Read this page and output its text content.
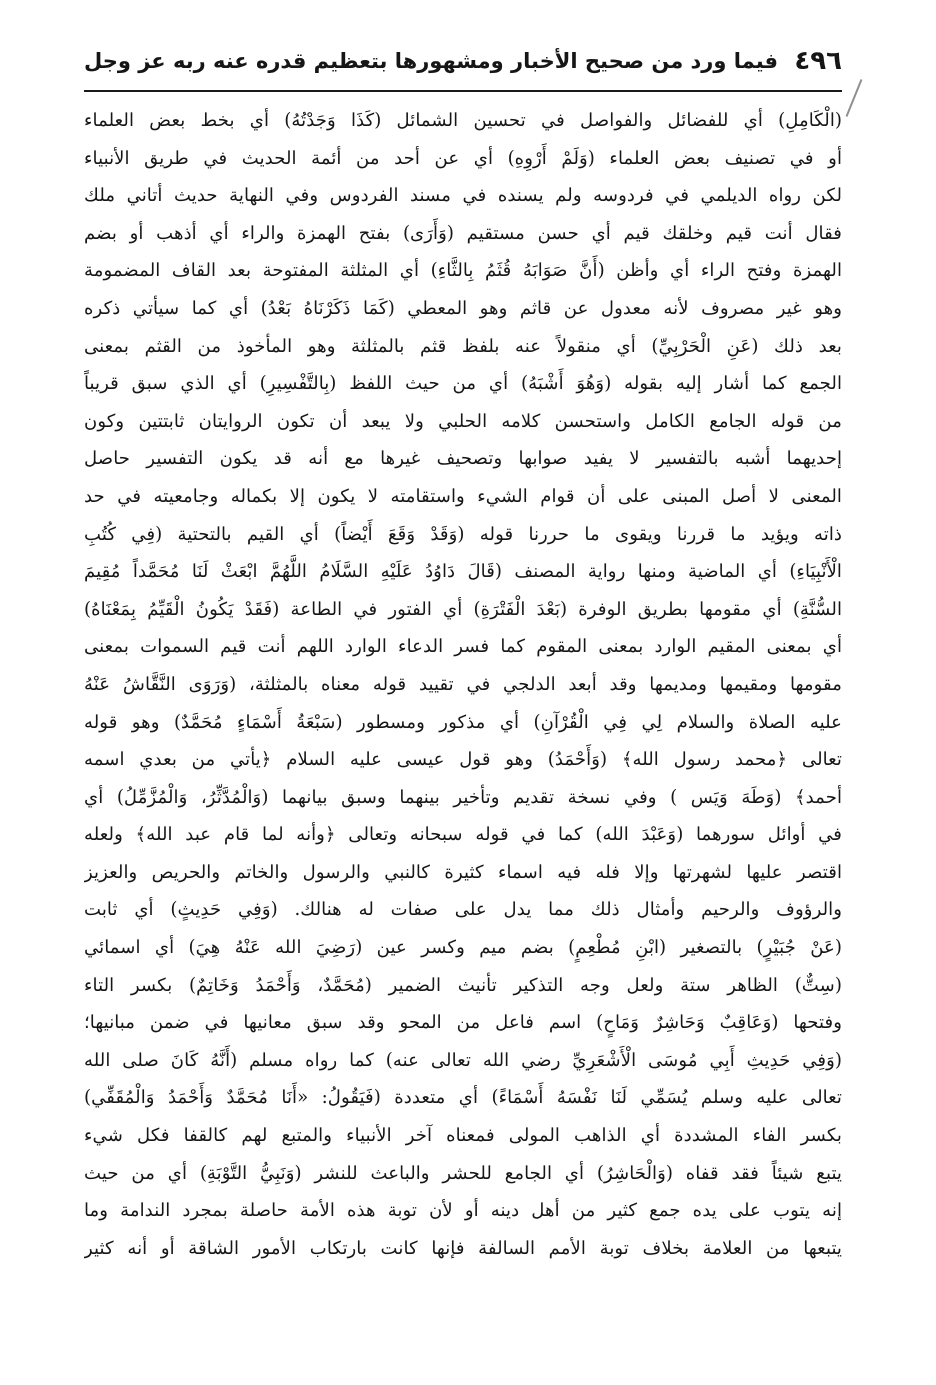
٤٩٦
فيما ورد من صحيح الأخبار ومشهورها بتعظيم قدره عنه ربه عز وجل
(الْكَامِلِ) أي للفضائل والفواصل في تحسين الشمائل (كَذَا وَجَدْتُهُ) أي بخط بعض العلماء
أو في تصنيف بعض العلماء (وَلَمْ أَرْوِهِ) أي عن أحد من أئمة الحديث في طريق الأنبياء
لكن رواه الديلمي في فردوسه ولم يسنده في مسند الفردوس وفي النهاية حديث أتاني ملك
فقال أنت قيم وخلقك قيم أي حسن مستقيم (وَأَرَى) بفتح الهمزة والراء أي أذهب أو بضم
الهمزة وفتح الراء أي وأظن (أَنَّ صَوَابَهُ قُثَمُ بِالثَّاءِ) أي المثلثة المفتوحة بعد القاف المضمومة
وهو غير مصروف لأنه معدول عن قاثم وهو المعطي (كَمَا ذَكَرْنَاهُ بَعْدُ) أي كما سيأتي ذكره
بعد ذلك (عَنِ الْحَرْبِيِّ) أي منقولاً عنه بلفظ قثم بالمثلثة وهو المأخوذ من القثم بمعنى
الجمع كما أشار إليه بقوله (وَهُوَ أَشْبَهُ) أي من حيث اللفظ (بِالتَّفْسِيرِ) أي الذي سبق قريباً
من قوله الجامع الكامل واستحسن كلامه الحلبي ولا يبعد أن تكون الروايتان ثابتتين وكون
إحديهما أشبه بالتفسير لا يفيد صوابها وتصحيف غيرها مع أنه قد يكون التفسير حاصل
المعنى لا أصل المبنى على أن قوام الشيء واستقامته لا يكون إلا بكماله وجامعيته في حد
ذاته ويؤيد ما قررنا ويقوى ما حررنا قوله (وَقَدْ وَقَعَ أَيْضاً) أي القيم بالتحتية (فِي كُتُبِ
الْأَنْبِيَاءِ) أي الماضية ومنها رواية المصنف (قَالَ دَاوُدُ عَلَيْهِ السَّلَامُ اللَّهُمَّ ابْعَثْ لَنَا مُحَمَّداً مُقِيمَ
السُّنَّةِ) أي مقومها بطريق الوفرة (بَعْدَ الْفَتْرَةِ) أي الفتور في الطاعة (فَقَدْ يَكُونُ الْقَيِّمُ بِمَعْنَاهُ)
أي بمعنى المقيم الوارد بمعنى المقوم كما فسر الدعاء الوارد اللهم أنت قيم السموات بمعنى
مقومها ومقيمها ومديمها وقد أبعد الدلجي في تقييد قوله معناه بالمثلثة، (وَرَوَى النَّقَّاشُ عَنْهُ
عليه الصلاة والسلام لِي فِي الْقُرْآنِ) أي مذكور ومسطور (سَبْعَةُ أَسْمَاءٍ مُحَمَّدٌ) وهو قوله
تعالى ﴿محمد رسول الله﴾ (وَأَحْمَدُ) وهو قول عيسى عليه السلام ﴿يأتي من بعدي اسمه
أحمد﴾ (وَطَهَ وَيَس ) وفي نسخة تقديم وتأخير بينهما وسبق بيانهما (وَالْمُدَّثِّرُ، وَالْمُزَّمِّلُ) أي
في أوائل سورهما (وَعَبْدَ الله) كما في قوله سبحانه وتعالى ﴿وأنه لما قام عبد الله﴾ ولعله
اقتصر عليها لشهرتها وإلا فله فيه اسماء كثيرة كالنبي والرسول والخاتم والحريص والعزيز
والرؤوف والرحيم وأمثال ذلك مما يدل على صفات له هنالك. (وَفِي حَدِيثٍ) أي ثابت
(عَنْ جُبَيْرٍ) بالتصغير (ابْنِ مُطْعِمٍ) بضم ميم وكسر عين (رَضِيَ الله عَنْهُ هِيَ) أي اسمائي
(سِتٌّ) الظاهر ستة ولعل وجه التذكير تأنيث الضمير (مُحَمَّدٌ، وَأَحْمَدُ وَخَاتِمٌ) بكسر التاء
وفتحها (وَعَاقِبٌ وَحَاشِرٌ وَمَاحٍ) اسم فاعل من المحو وقد سبق معانيها في ضمن مبانيها؛
(وَفِي حَدِيثِ أَبِي مُوسَى الْأَشْعَرِيِّ رضي الله تعالى عنه) كما رواه مسلم (أَنَّهُ كَانَ صلى الله
تعالى عليه وسلم يُسَمِّي لَنَا نَفْسَهُ أَسْمَاءً) أي متعددة (فَيَقُولُ: «أَنَا مُحَمَّدٌ وَأَحْمَدُ وَالْمُقَفِّي)
بكسر الفاء المشددة أي الذاهب المولى فمعناه آخر الأنبياء والمتبع لهم كالقفا فكل شيء
يتبع شيئاً فقد قفاه (وَالْحَاشِرُ) أي الجامع للحشر والباعث للنشر (وَنَبِيُّ التَّوْبَةِ) أي من حيث
إنه يتوب على يده جمع كثير من أهل دينه أو لأن توبة هذه الأمة حاصلة بمجرد الندامة وما
يتبعها من العلامة بخلاف توبة الأمم السالفة فإنها كانت بارتكاب الأمور الشاقة أو أنه كثير
